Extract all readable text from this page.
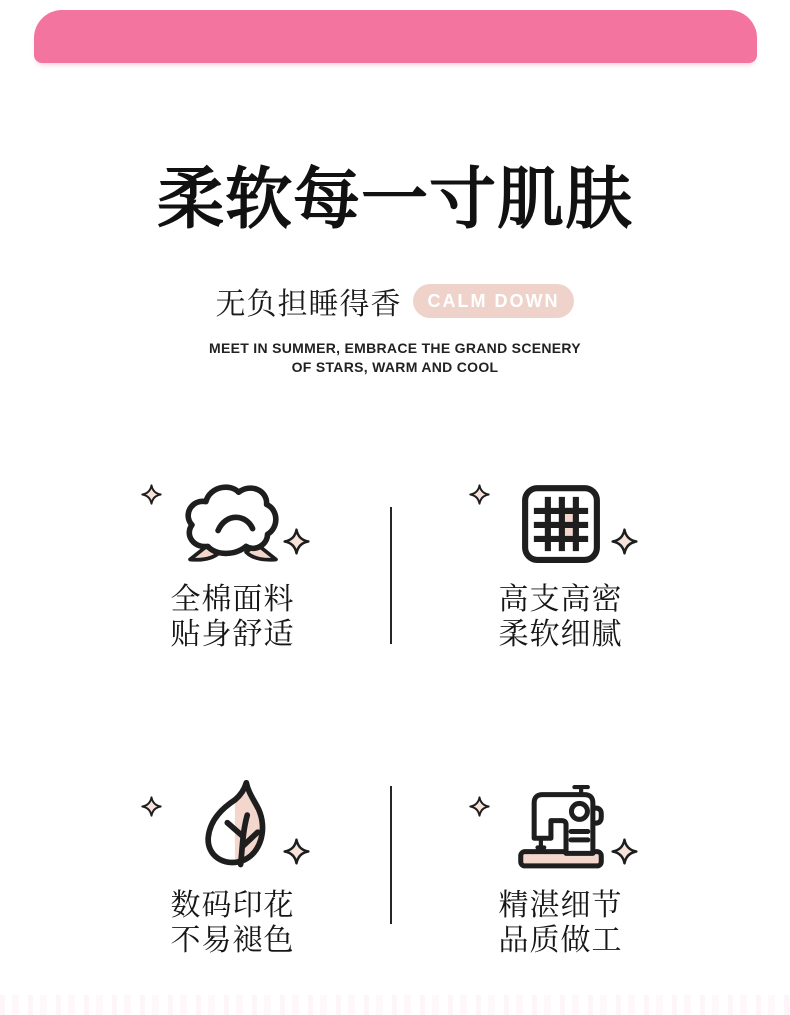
柔软每一寸肌肤
无负担睡得香	CALM DOWN
MEET IN SUMMER, EMBRACE THE GRAND SCENERY
OF STARS, WARM AND COOL
全棉面料
贴身舒适
高支高密
柔软细腻
数码印花
不易褪色
精湛细节
品质做工
